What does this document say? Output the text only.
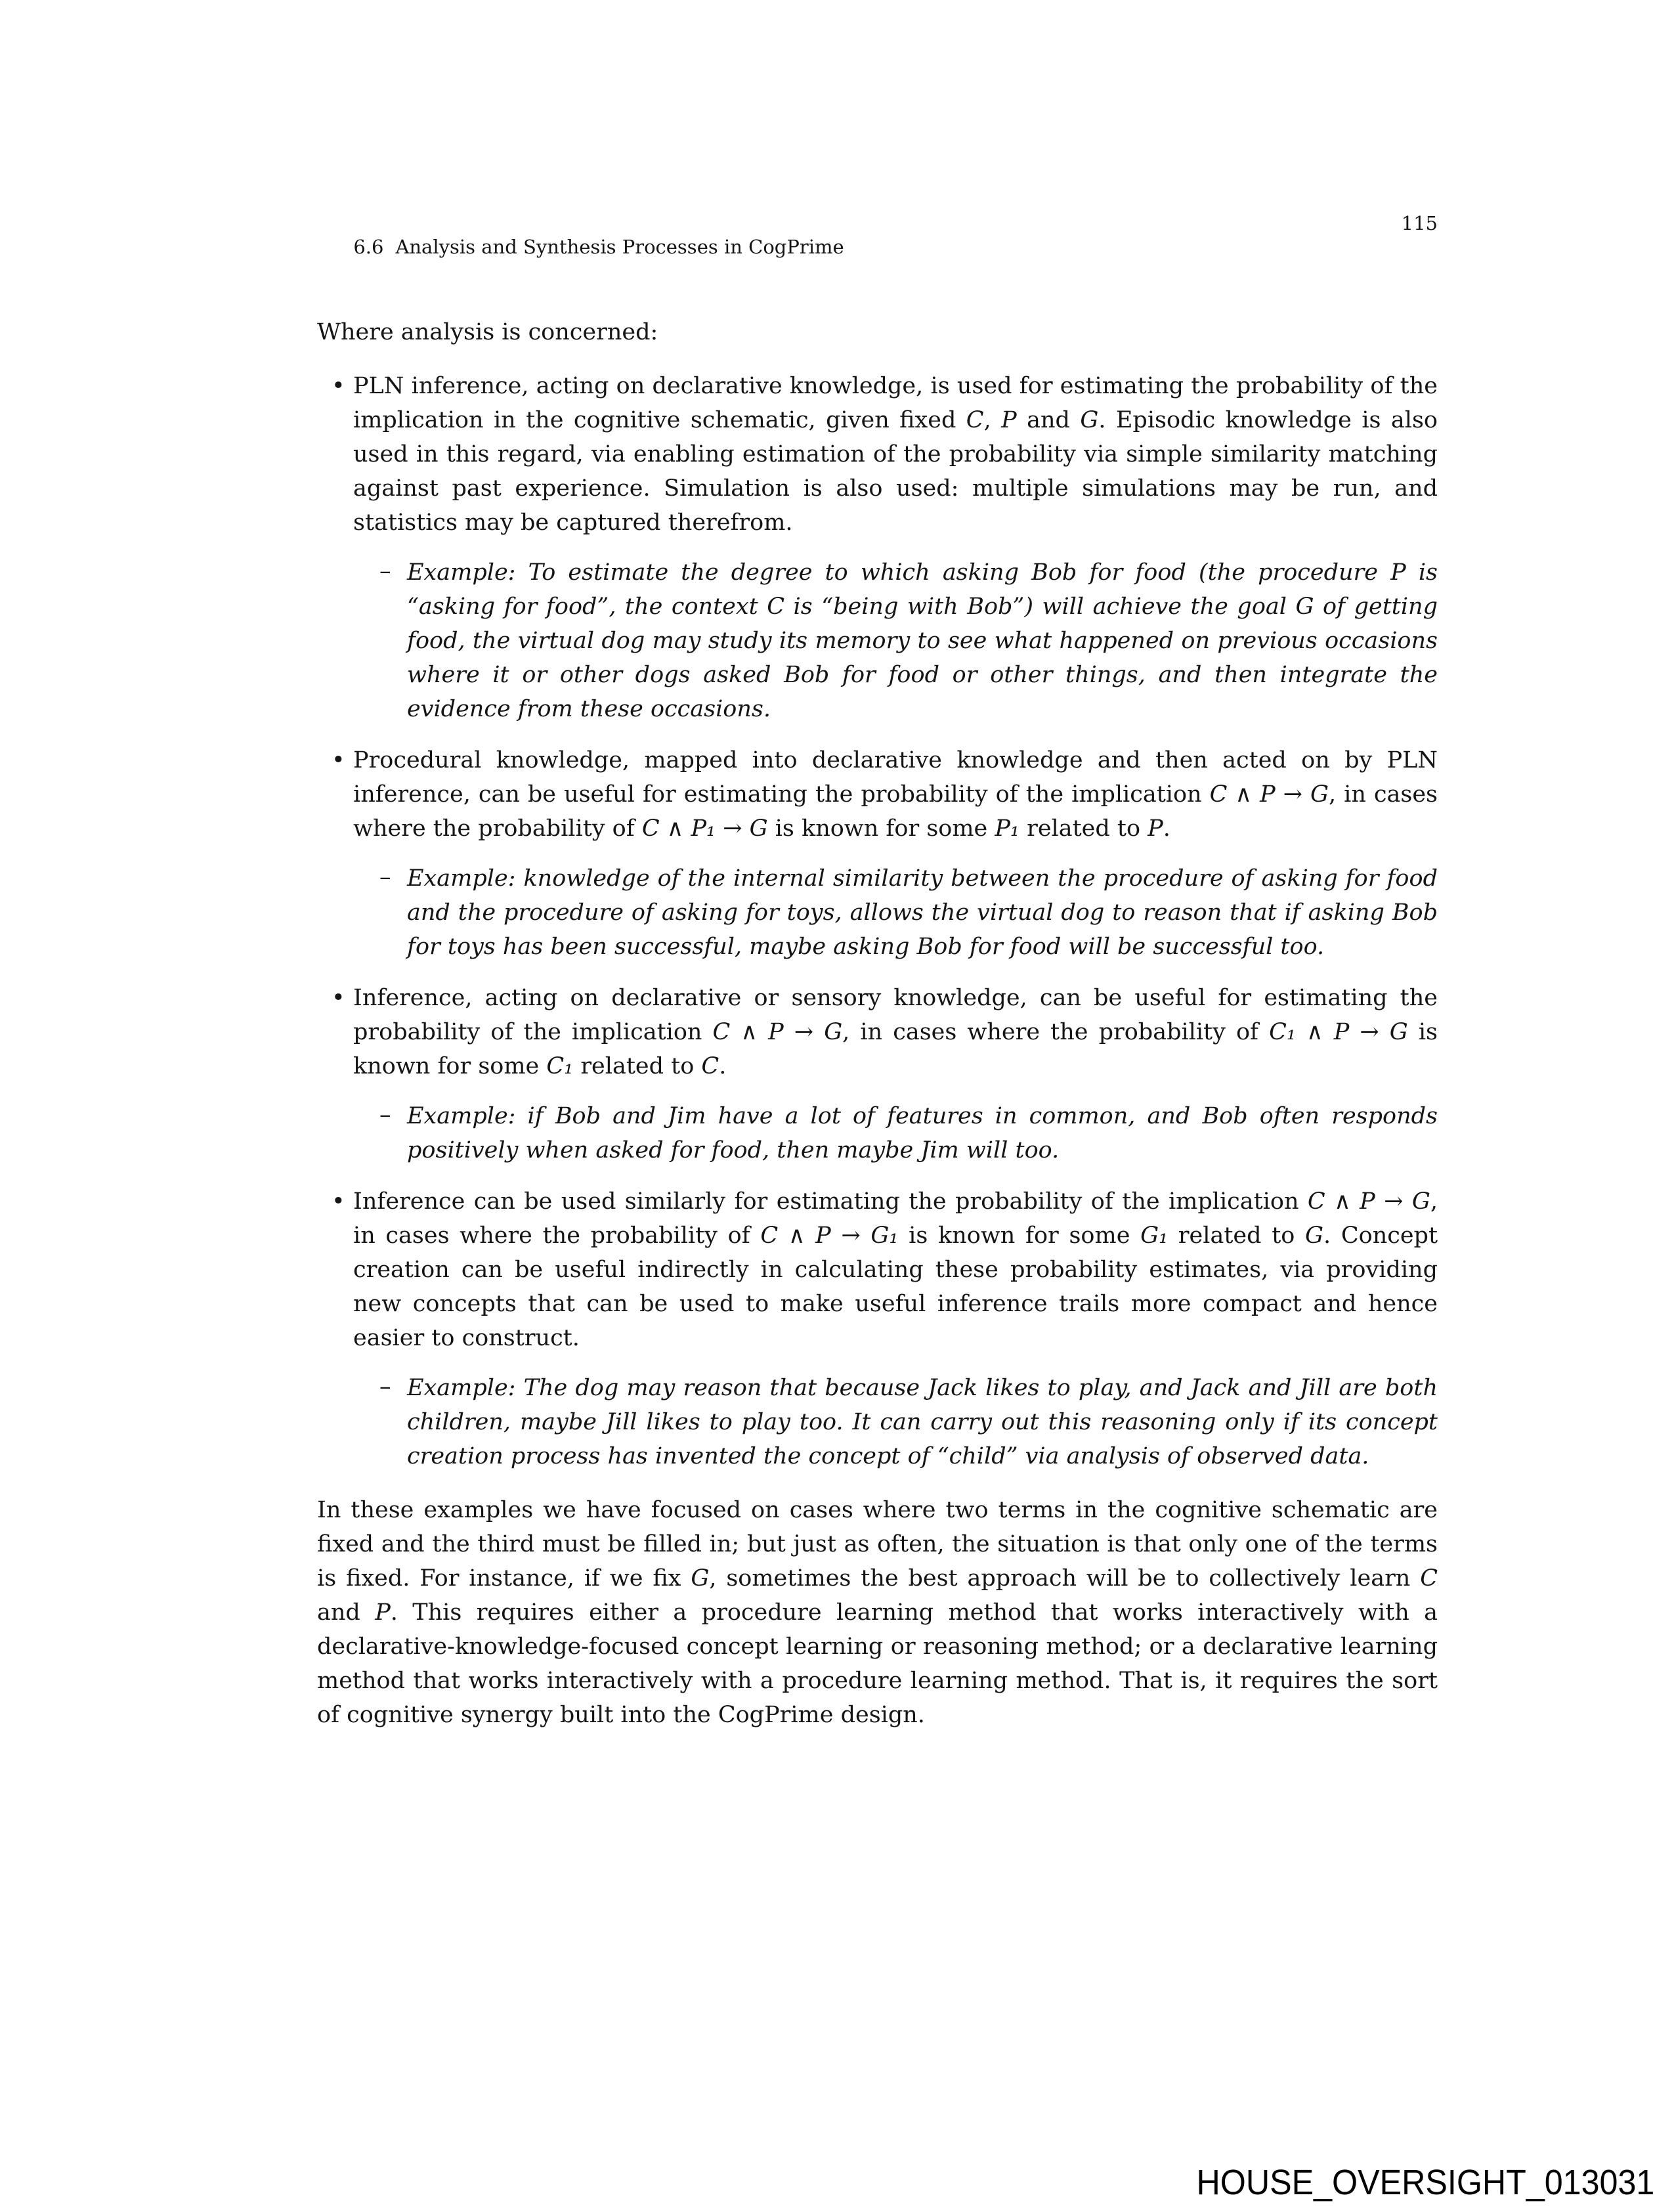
6.6 Analysis and Synthesis Processes in CogPrime

115
Where analysis is concerned:
• PLN inference, acting on declarative knowledge, is used for estimating the probability of the implication in the cognitive schematic, given fixed C, P and G. Episodic knowledge is also used in this regard, via enabling estimation of the probability via simple similarity matching against past experience. Simulation is also used: multiple simulations may be run, and statistics may be captured therefrom.
– Example: To estimate the degree to which asking Bob for food (the procedure P is “asking for food”, the context C is “being with Bob”) will achieve the goal G of getting food, the virtual dog may study its memory to see what happened on previous occasions where it or other dogs asked Bob for food or other things, and then integrate the evidence from these occasions.
• Procedural knowledge, mapped into declarative knowledge and then acted on by PLN inference, can be useful for estimating the probability of the implication C ∧ P → G, in cases where the probability of C ∧ P₁ → G is known for some P₁ related to P.
– Example: knowledge of the internal similarity between the procedure of asking for food and the procedure of asking for toys, allows the virtual dog to reason that if asking Bob for toys has been successful, maybe asking Bob for food will be successful too.
• Inference, acting on declarative or sensory knowledge, can be useful for estimating the probability of the implication C ∧ P → G, in cases where the probability of C₁ ∧ P → G is known for some C₁ related to C.
– Example: if Bob and Jim have a lot of features in common, and Bob often responds positively when asked for food, then maybe Jim will too.
• Inference can be used similarly for estimating the probability of the implication C ∧ P → G, in cases where the probability of C ∧ P → G₁ is known for some G₁ related to G. Concept creation can be useful indirectly in calculating these probability estimates, via providing new concepts that can be used to make useful inference trails more compact and hence easier to construct.
– Example: The dog may reason that because Jack likes to play, and Jack and Jill are both children, maybe Jill likes to play too. It can carry out this reasoning only if its concept creation process has invented the concept of “child” via analysis of observed data.
In these examples we have focused on cases where two terms in the cognitive schematic are fixed and the third must be filled in; but just as often, the situation is that only one of the terms is fixed. For instance, if we fix G, sometimes the best approach will be to collectively learn C and P. This requires either a procedure learning method that works interactively with a declarative-knowledge-focused concept learning or reasoning method; or a declarative learning method that works interactively with a procedure learning method. That is, it requires the sort of cognitive synergy built into the CogPrime design.
HOUSE_OVERSIGHT_013031
